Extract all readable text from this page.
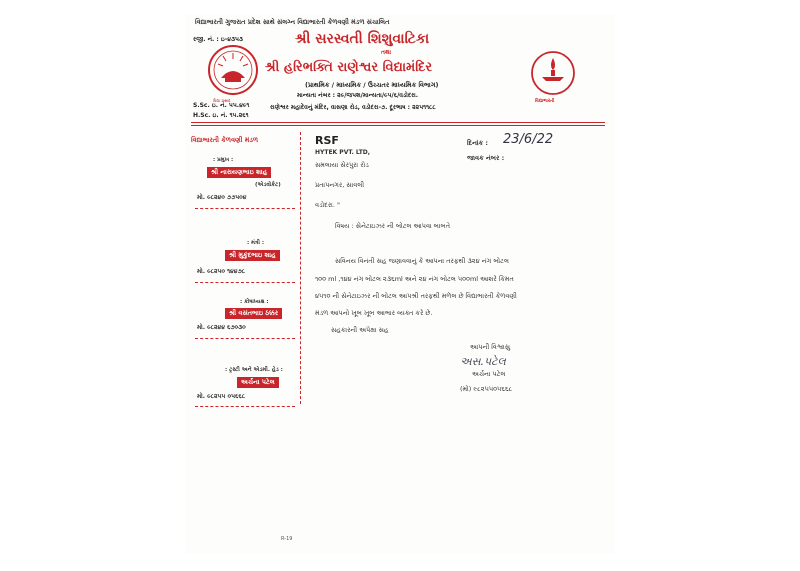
વિદ્યાભારતી ગુજરાત પ્રદેશ સાથે સંલગ્ન વિદ્યાભારતી કેળવણી મંડળ સંચાલિત
રજી. નં. : ઇ-૪૩૫૩
વિદ્યા પ્રસાદ
શ્રી સરસ્વતી શિશુવાટિકા
તથા
શ્રી હરિભક્તિ રાણેશ્વર વિદ્યામંદિર
(પ્રાથમિક / માધ્યમિક / ઉચ્ચતર માધ્યમિક વિભાગ)
માન્યતા નંબર : ૨૯/જપશ/માન્યતા/૯૫/૬/વડોદરા.
રાણેશ્વર મહાદેવનું મંદિર, વાસણા રોડ, વડોદરા-૭. દૂરભાષ : ૨૨૫૧૧૮૮
S.Sc. ઇ. નં. ૫૫.૪૯૧
H.Sc. ઇ. નં. ૧૫.૨૬૧
વિદ્યાભારતી
વિદ્યાભારતી કેળવણી મંડળ
: પ્રમુખ :
શ્રી નારાયણભાઇ શાહ
(એડવોકેટ)
મો. ૯૮૨૪૦ ૭૭૫૦૪
: મંત્રી :
શ્રી મુકુંદભાઇ શાહ
મો. ૯૮૨૫૦ ૧૪૪૭૮
: કોષાધ્યક્ષ :
શ્રી વસંતભાઇ ઠક્કર
મો. ૯૮૨૪૪ ૬૭૦૩૦
: ટ્રસ્ટી અને એડમી. હેડ :
અર્ચના પટેલ
મો. ૯૮૨૫૫ ૦૫૬૬૮
દિનાંક : 23/6/22
જાવક નંબર :
RSF
HYTEK PVT. LTD,
સમલાયા સેરપુરા રોડ
પ્રતાપનગર, સાવલી
વડોદરા. "
વિષય : સેનેટાઇઝર ની બોટલ આપવા બાબતે
સવિનય વિનંતી સહ જણાવવાનું કે આપના તરફથી ૩૨૪ નંગ બોટલ
૧૦૦ ml ,૧૪૪ નંગ બોટલ ૨૩૬ml અને ૨૪ નંગ બોટલ ૫૦૦ml આશરે કિંમત
૪૫૧૦ ની સેનેટાઇઝર ની બોટલ આપશ્રી તરફથી મળેલ છે વિદ્યાભારતી કેળવણી
મંડળ આપનો ખૂબ ખૂબ આભાર વ્યક્ત કરે છે.
સહકારની અપેક્ષા સહ
આપની વિશ્વાસુ
અસ.પટેલ
અર્ચના પટેલ
(મો) ૯૮૨૫૫૦૫૬૬૮
R-19
